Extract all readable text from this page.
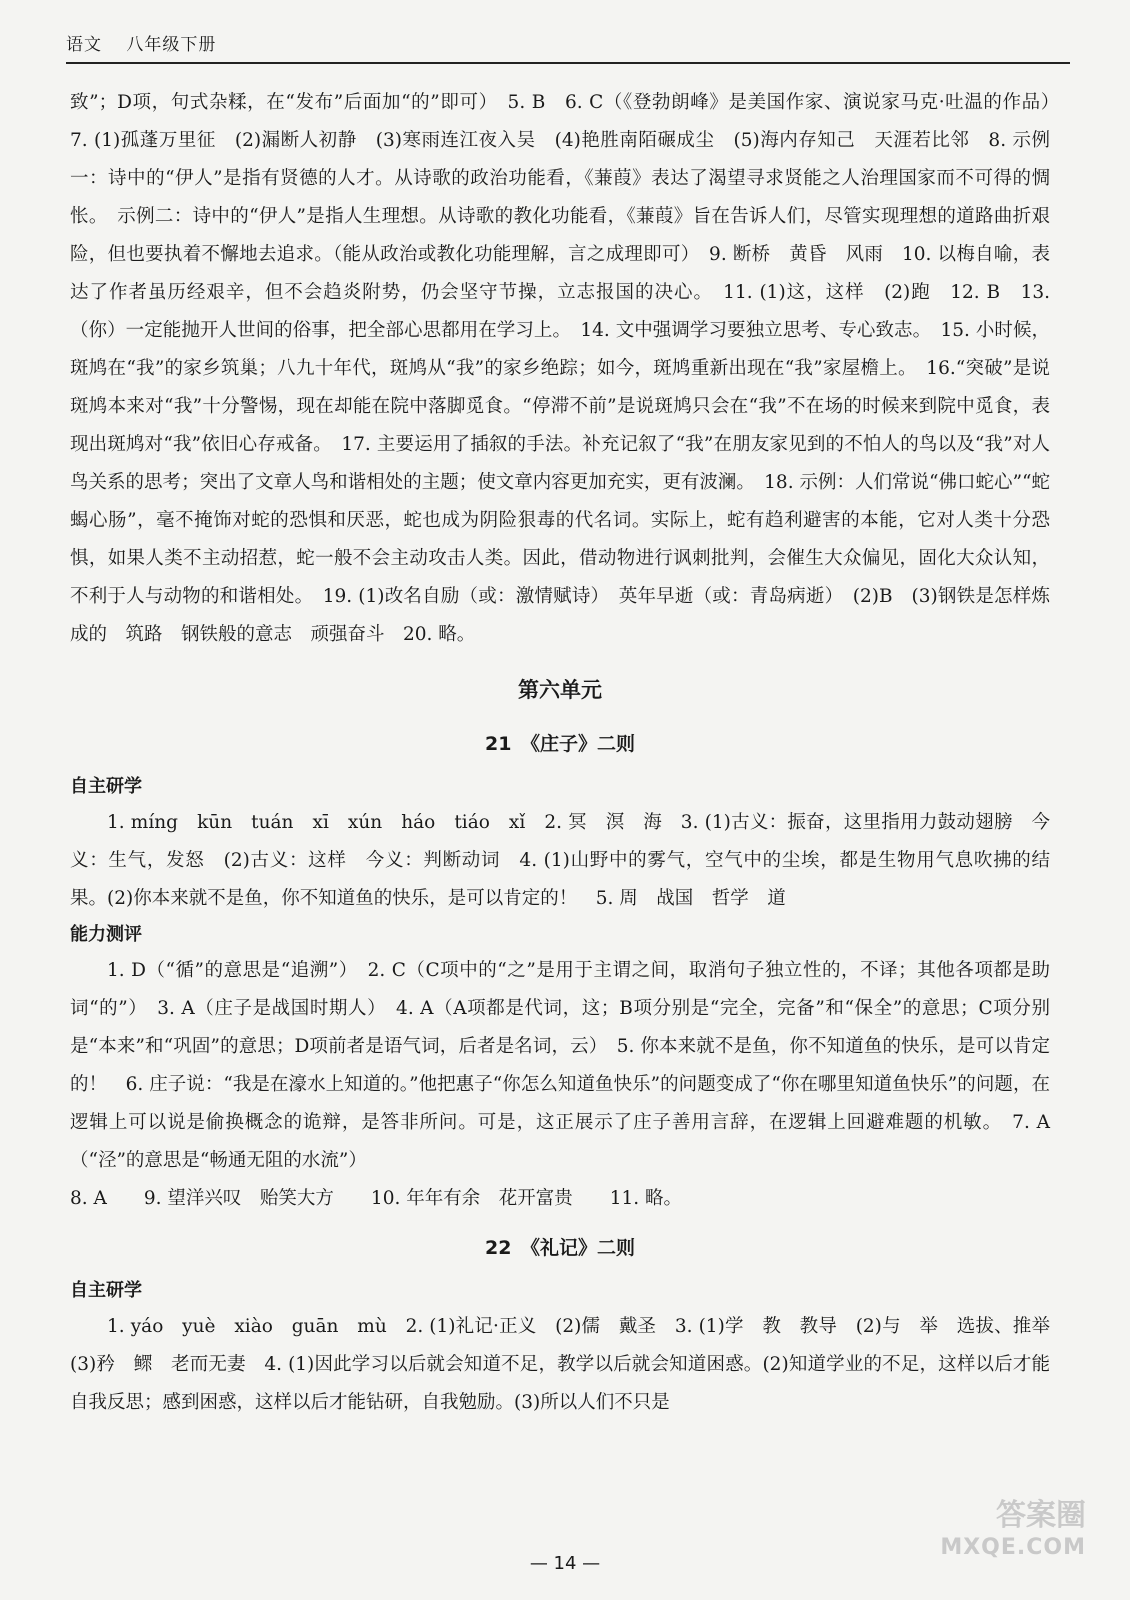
语文 八年级下册

致”；D项，句式杂糅，在“发布”后面加“的”即可）　5. B　6. C（《登勃朗峰》是美国作家、演说家马克·吐温的作品）　7. (1)孤蓬万里征　(2)漏断人初静　(3)寒雨连江夜入吴　(4)艳胜南陌碾成尘　(5)海内存知己　天涯若比邻　8. 示例一：诗中的“伊人”是指有贤德的人才。从诗歌的政治功能看，《蒹葭》表达了渴望寻求贤能之人治理国家而不可得的惆怅。　示例二：诗中的“伊人”是指人生理想。从诗歌的教化功能看，《蒹葭》旨在告诉人们，尽管实现理想的道路曲折艰险，但也要执着不懈地去追求。（能从政治或教化功能理解，言之成理即可）　9. 断桥　黄昏　风雨　10. 以梅自喻，表达了作者虽历经艰辛，但不会趋炎附势，仍会坚守节操，立志报国的决心。　11. (1)这，这样　(2)跑　12. B　13.（你）一定能抛开人世间的俗事，把全部心思都用在学习上。　14. 文中强调学习要独立思考、专心致志。　15. 小时候，斑鸠在“我”的家乡筑巢；八九十年代，斑鸠从“我”的家乡绝踪；如今，斑鸠重新出现在“我”家屋檐上。　16.“突破”是说斑鸠本来对“我”十分警惕，现在却能在院中落脚觅食。“停滞不前”是说斑鸠只会在“我”不在场的时候来到院中觅食，表现出斑鸠对“我”依旧心存戒备。　17. 主要运用了插叙的手法。补充记叙了“我”在朋友家见到的不怕人的鸟以及“我”对人鸟关系的思考；突出了文章人鸟和谐相处的主题；使文章内容更加充实，更有波澜。　18. 示例：人们常说“佛口蛇心”“蛇蝎心肠”，毫不掩饰对蛇的恐惧和厌恶，蛇也成为阴险狠毒的代名词。实际上，蛇有趋利避害的本能，它对人类十分恐惧，如果人类不主动招惹，蛇一般不会主动攻击人类。因此，借动物进行讽刺批判，会催生大众偏见，固化大众认知，不利于人与动物的和谐相处。　19. (1)改名自励（或：激情赋诗）　英年早逝（或：青岛病逝）　(2)B　(3)钢铁是怎样炼成的　筑路　钢铁般的意志　顽强奋斗　20. 略。

第六单元
21　《庄子》二则

自主研学

1. míng　kūn　tuán　xī　xún　háo　tiáo　xǐ　2. 冥　溟　海　3. (1)古义：振奋，这里指用力鼓动翅膀　今义：生气，发怒　(2)古义：这样　今义：判断动词　4. (1)山野中的雾气，空气中的尘埃，都是生物用气息吹拂的结果。(2)你本来就不是鱼，你不知道鱼的快乐，是可以肯定的！　5. 周　战国　哲学　道

能力测评

1. D（“循”的意思是“追溯”）　2. C（C项中的“之”是用于主谓之间，取消句子独立性的，不译；其他各项都是助词“的”）　3. A（庄子是战国时期人）　4. A（A项都是代词，这；B项分别是“完全，完备”和“保全”的意思；C项分别是“本来”和“巩固”的意思；D项前者是语气词，后者是名词，云）　5. 你本来就不是鱼，你不知道鱼的快乐，是可以肯定的！　6. 庄子说：“我是在濠水上知道的。”他把惠子“你怎么知道鱼快乐”的问题变成了“你在哪里知道鱼快乐”的问题，在逻辑上可以说是偷换概念的诡辩，是答非所问。可是，这正展示了庄子善用言辞，在逻辑上回避难题的机敏。　7. A（“泾”的意思是“畅通无阻的水流”）

8. A　　9. 望洋兴叹　贻笑大方　　10. 年年有余　花开富贵　　11. 略。

22　《礼记》二则

自主研学

1. yáo　yuè　xiào　guān　mù　2. (1)礼记·正义　(2)儒　戴圣　3. (1)学　教　教导　(2)与　举　选拔、推举　(3)矜　鳏　老而无妻　4. (1)因此学习以后就会知道不足，教学以后就会知道困惑。(2)知道学业的不足，这样以后才能自我反思；感到困惑，这样以后才能钻研，自我勉励。(3)所以人们不只是

— 14 —
答案圈
MXQE.COM
